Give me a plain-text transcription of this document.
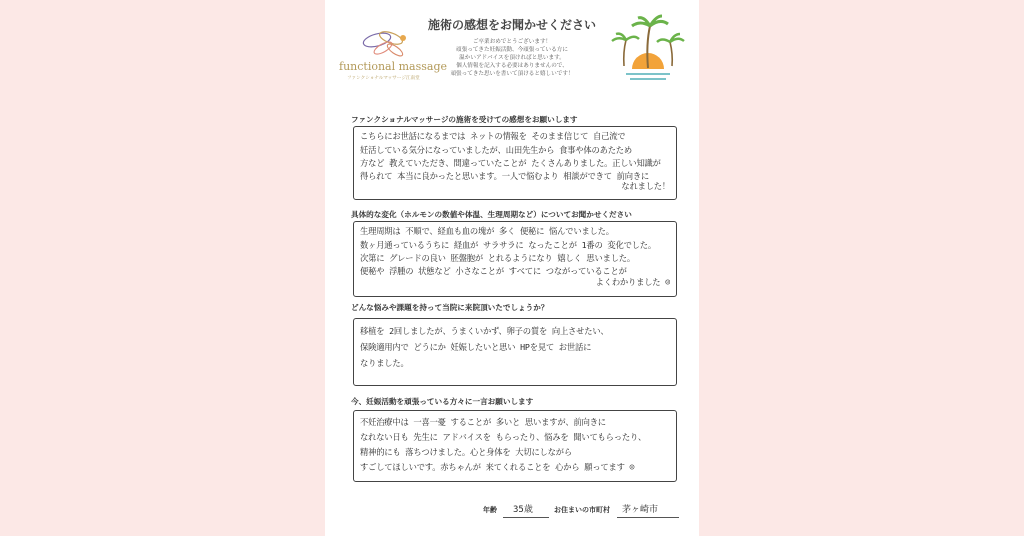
functional massage
ファンクショナルマッサージ江南堂
施術の感想をお聞かせください
ご卒業おめでとうございます！
頑張ってきた妊娠活動、今頑張っている方に
温かいアドバイスを頂ければと思います。
個人情報を記入する必要はありませんので、
頑張ってきた思いを書いて頂けると嬉しいです！
ファンクショナルマッサージの施術を受けての感想をお願いします
こちらにお世話になるまでは ネットの情報を そのまま信じて 自己流で
妊活している気分になっていましたが、山田先生から 食事や体のあたため
方など 教えていただき、間違っていたことが たくさんありました。正しい知識が
得られて 本当に良かったと思います。一人で悩むより 相談ができて 前向きに
なれました！
具体的な変化（ホルモンの数値や体温、生理周期など）についてお聞かせください
生理周期は 不順で、経血も血の塊が 多く 便秘に 悩んでいました。
数ヶ月通っているうちに 経血が サラサラに なったことが 1番の 変化でした。
次第に グレードの良い 胚盤胞が とれるようになり 嬉しく 思いました。
便秘や 浮腫の 状態など 小さなことが すべてに つながっていることが
よくわかりました ☺
どんな悩みや課題を持って当院に来院頂いたでしょうか？
移植を 2回しましたが、うまくいかず、卵子の質を 向上させたい、
保険適用内で どうにか 妊娠したいと思い HPを見て お世話に
なりました。
今、妊娠活動を頑張っている方々に一言お願いします
不妊治療中は 一喜一憂 することが 多いと 思いますが、前向きに
なれない日も 先生に アドバイスを もらったり、悩みを 聞いてもらったり、
精神的にも 落ちつけました。心と身体を 大切にしながら
すごしてほしいです。赤ちゃんが 来てくれることを 心から 願ってます ☺
年齢 35歳	お住まいの市町村 茅ヶ崎市
